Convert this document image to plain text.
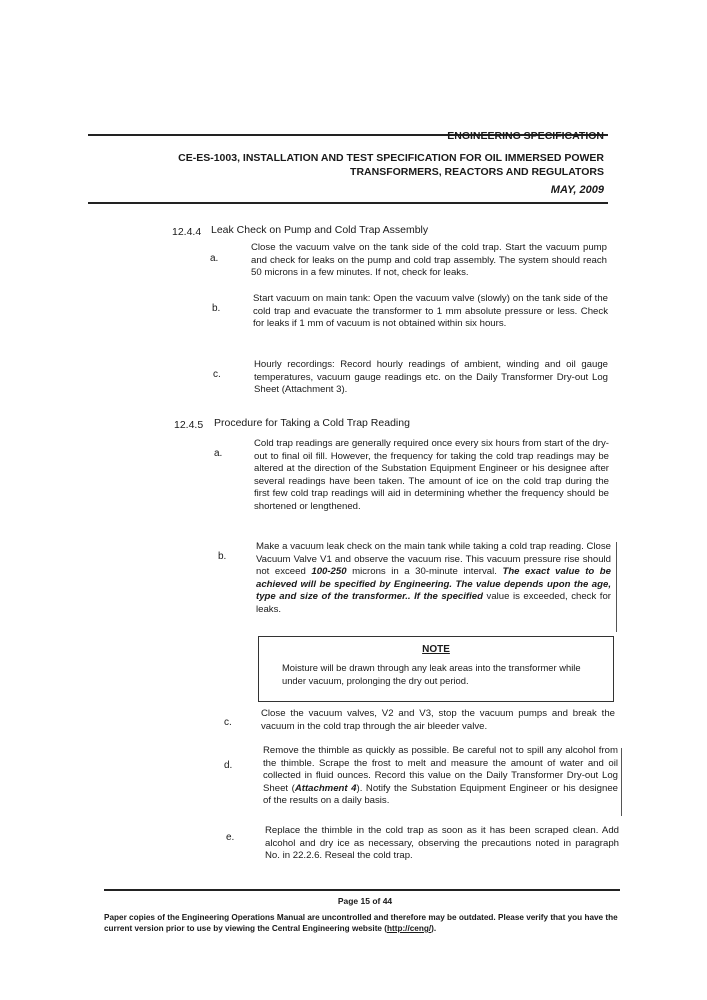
ENGINEERING SPECIFICATION
CE-ES-1003, INSTALLATION AND TEST SPECIFICATION FOR OIL IMMERSED POWER
TRANSFORMERS, REACTORS AND REGULATORS
MAY, 2009
12.4.4 Leak Check on Pump and Cold Trap Assembly
a.
Close the vacuum valve on the tank side of the cold trap. Start the vacuum pump and check for leaks on the pump and cold trap assembly. The system should reach 50 microns in a few minutes. If not, check for leaks.
b.
Start vacuum on main tank: Open the vacuum valve (slowly) on the tank side of the cold trap and evacuate the transformer to 1 mm absolute pressure or less. Check for leaks if 1 mm of vacuum is not obtained within six hours.
c.
Hourly recordings: Record hourly readings of ambient, winding and oil gauge temperatures, vacuum gauge readings etc. on the Daily Transformer Dry-out Log Sheet (Attachment 3).
12.4.5 Procedure for Taking a Cold Trap Reading
a.
Cold trap readings are generally required once every six hours from start of the dry-out to final oil fill. However, the frequency for taking the cold trap readings may be altered at the direction of the Substation Equipment Engineer or his designee after several readings have been taken. The amount of ice on the cold trap during the first few cold trap readings will aid in determining whether the frequency should be shortened or lengthened.
b.
Make a vacuum leak check on the main tank while taking a cold trap reading. Close Vacuum Valve V1 and observe the vacuum rise. This vacuum pressure rise should not exceed 100-250 microns in a 30-minute interval. The exact value to be achieved will be specified by Engineering. The value depends upon the age, type and size of the transformer.. If the specified value is exceeded, check for leaks.
NOTE
Moisture will be drawn through any leak areas into the transformer while under vacuum, prolonging the dry out period.
c.
Close the vacuum valves, V2 and V3, stop the vacuum pumps and break the vacuum in the cold trap through the air bleeder valve.
d.
Remove the thimble as quickly as possible. Be careful not to spill any alcohol from the thimble. Scrape the frost to melt and measure the amount of water and oil collected in fluid ounces. Record this value on the Daily Transformer Dry-out Log Sheet (Attachment 4). Notify the Substation Equipment Engineer or his designee of the results on a daily basis.
e.
Replace the thimble in the cold trap as soon as it has been scraped clean. Add alcohol and dry ice as necessary, observing the precautions noted in paragraph No. in 22.2.6. Reseal the cold trap.
Page 15 of 44
Paper copies of the Engineering Operations Manual are uncontrolled and therefore may be outdated. Please verify that you have the current version prior to use by viewing the Central Engineering website (http://ceng/).
